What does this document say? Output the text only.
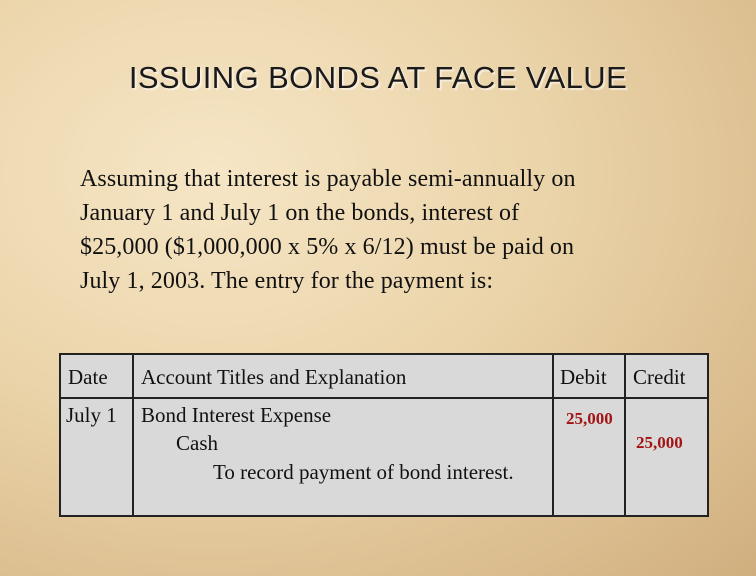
ISSUING BONDS AT FACE VALUE
Assuming that interest is payable semi-annually on
January 1 and July 1 on the bonds, interest of
$25,000 ($1,000,000 x 5% x 6/12) must be paid on
July 1, 2003. The entry for the payment is:
Date Account Titles and Explanation	Debit Credit
July 1 Bond Interest Expense
Cash
To record payment of bond interest.
25,000
25,000
